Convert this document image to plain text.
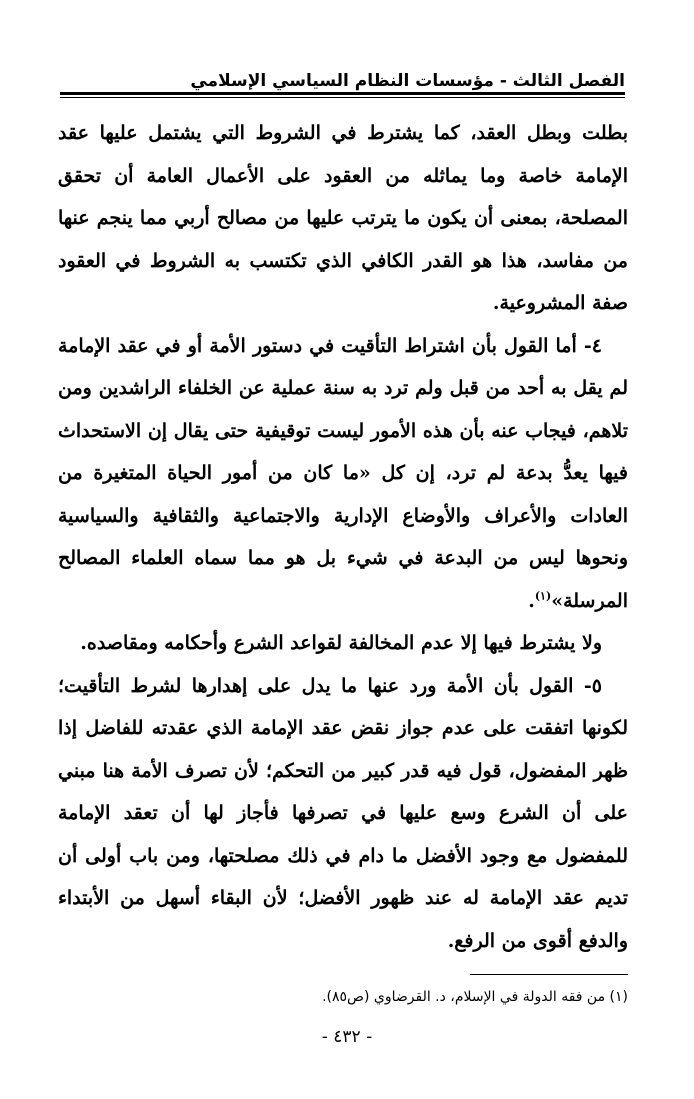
الفصل الثالث - مؤسسات النظام السياسي الإسلامي

بطلت وبطل العقد، كما يشترط في الشروط التي يشتمل عليها عقد الإمامة خاصة وما يماثله من العقود على الأعمال العامة أن تحقق المصلحة، بمعنى أن يكون ما يترتب عليها من مصالح أربي مما ينجم عنها من مفاسد، هذا هو القدر الكافي الذي تكتسب به الشروط في العقود صفة المشروعية.

٤- أما القول بأن اشتراط التأقيت في دستور الأمة أو في عقد الإمامة لم يقل به أحد من قبل ولم ترد به سنة عملية عن الخلفاء الراشدين ومن تلاهم، فيجاب عنه بأن هذه الأمور ليست توقيفية حتى يقال إن الاستحداث فيها يعدُّ بدعة لم ترد، إن كل «ما كان من أمور الحياة المتغيرة من العادات والأعراف والأوضاع الإدارية والاجتماعية والثقافية والسياسية ونحوها ليس من البدعة في شيء بل هو مما سماه العلماء المصالح المرسلة»$^{(١)}$.

ولا يشترط فيها إلا عدم المخالفة لقواعد الشرع وأحكامه ومقاصده.

٥- القول بأن الأمة ورد عنها ما يدل على إهدارها لشرط التأقيت؛ لكونها اتفقت على عدم جواز نقض عقد الإمامة الذي عقدته للفاضل إذا ظهر المفضول، قول فيه قدر كبير من التحكم؛ لأن تصرف الأمة هنا مبني على أن الشرع وسع عليها في تصرفها فأجاز لها أن تعقد الإمامة للمفضول مع وجود الأفضل ما دام في ذلك مصلحتها، ومن باب أولى أن تديم عقد الإمامة له عند ظهور الأفضل؛ لأن البقاء أسهل من الأبتداء والدفع أقوى من الرفع.

(١) من فقه الدولة في الإسلام، د. القرضاوي (ص٨٥).
- ٤٣٢ -
